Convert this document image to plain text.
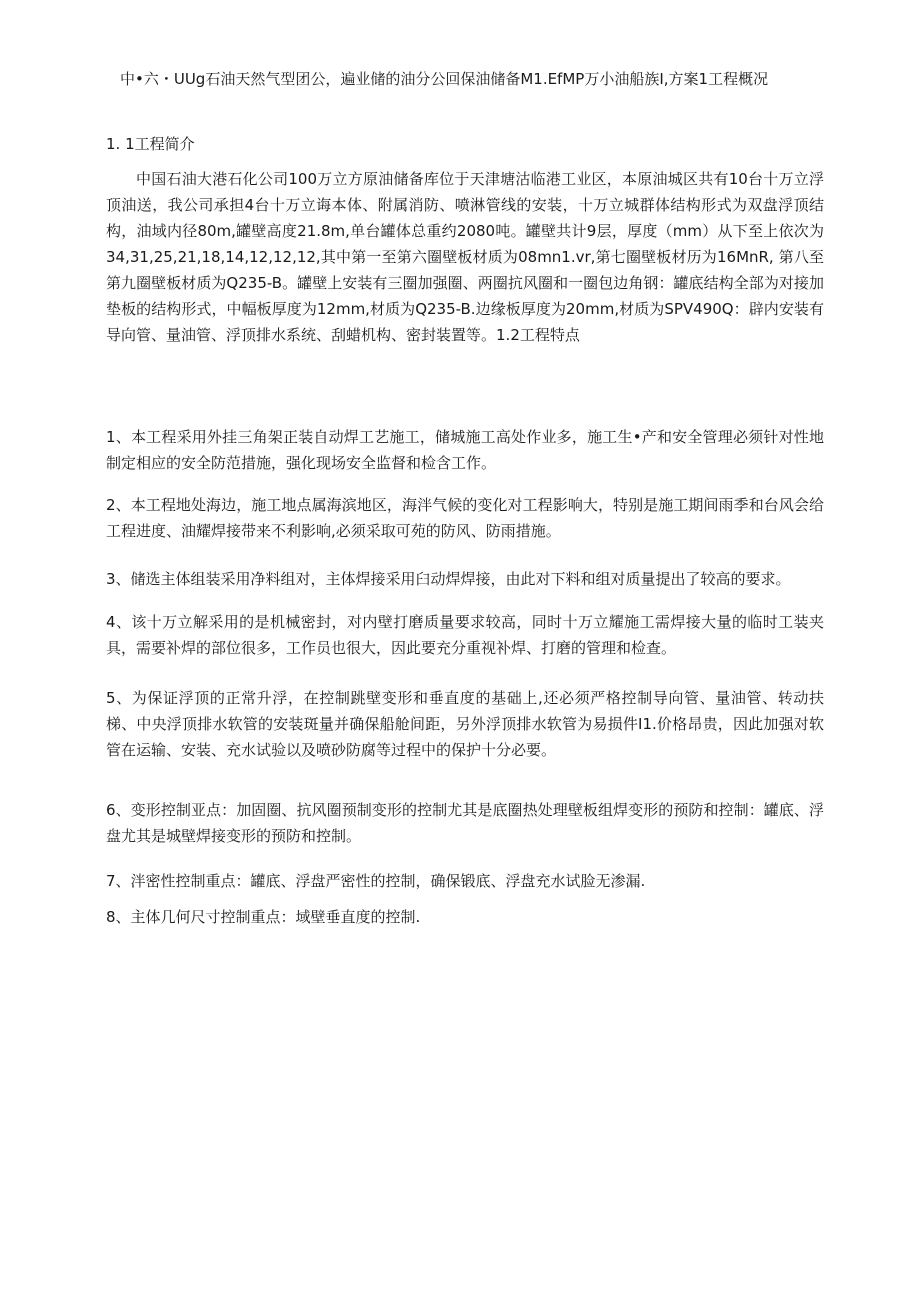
中•六・UUg石油天然气型团公，遍业储的油分公回保油储备M1.EfMP万小油船族I,方案1工程概况
1. 1工程简介

中国石油大港石化公司100万立方原油储备库位于天津塘沽临港工业区，本原油城区共有10台十万立浮顶油送，我公司承担4台十万立诲本体、附属消防、喷淋管线的安装，十万立城群体结构形式为双盘浮顶结构，油域内径80m,罐壁高度21.8m,单台罐体总重约2080吨。罐壁共计9层，厚度（mm）从下至上依次为34,31,25,21,18,14,12,12,12,其中第一至第六圈壁板材质为08mn1.vr,第七圈壁板材历为16MnR, 第八至第九圈壁板材质为Q235-B。罐壁上安装有三圈加强圈、两圈抗风圈和一圈包边角钢：罐底结构全部为对接加垫板的结构形式，中幅板厚度为12mm,材质为Q235-B.边缘板厚度为20mm,材质为SPV490Q：辟内安装有导向管、量油管、浮顶排水系统、刮蜡机构、密封装置等。1.2工程特点

1、本工程采用外挂三角架正装自动焊工艺施工，储城施工高处作业多，施工生•产和安全管理必须针对性地制定相应的安全防范措施，强化现场安全监督和检含工作。

2、本工程地处海边，施工地点属海滨地区，海泮气候的变化对工程影响大，特别是施工期间雨季和台风会给工程进度、油耀焊接带来不利影响,必须采取可苑的防风、防雨措施。

3、储选主体组装采用净料组对，主体焊接采用臼动焊焊接，由此对下料和组对质量提出了较高的要求。

4、该十万立解采用的是机械密封，对内壁打磨质量要求较高，同时十万立耀施工需焊接大量的临时工装夹具，需要补焊的部位很多，工作员也很大，因此要充分重视补焊、打磨的管理和检查。

5、为保证浮顶的正常升浮，在控制跳壁变形和垂直度的基础上,还必须严格控制导向管、量油管、转动扶梯、中央浮顶排水软管的安装斑量并确保船舱间距，另外浮顶排水软管为易损件I1.价格昂贵，因此加强对软管在运输、安装、充水试验以及喷砂防腐等过程中的保护十分必要。

6、变形控制亚点：加固圈、抗风圈预制变形的控制尤其是底圈热处理壁板组焊变形的预防和控制：罐底、浮盘尤其是城壁焊接变形的预防和控制。

7、泮密性控制重点：罐底、浮盘严密性的控制，确保锻底、浮盘充水试脸无渗漏.

8、主体几何尺寸控制重点：域壁垂直度的控制.
